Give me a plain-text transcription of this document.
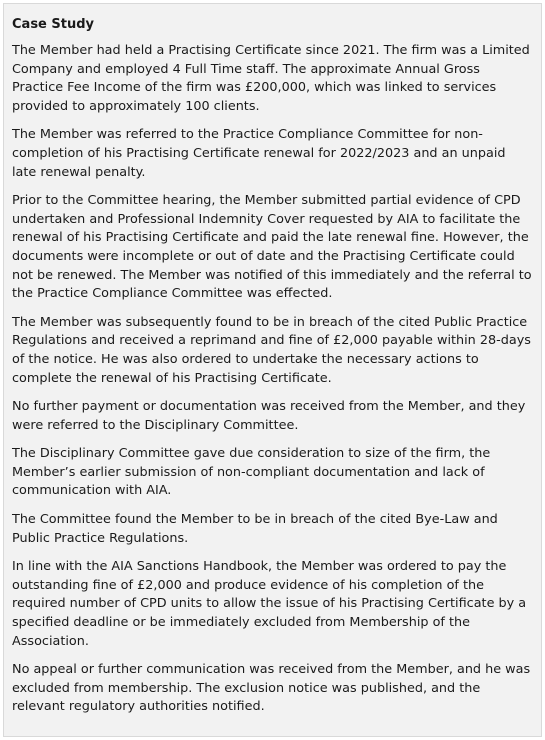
Case Study

The Member had held a Practising Certificate since 2021. The firm was a Limited Company and employed 4 Full Time staff. The approximate Annual Gross Practice Fee Income of the firm was £200,000, which was linked to services provided to approximately 100 clients.

The Member was referred to the Practice Compliance Committee for non-completion of his Practising Certificate renewal for 2022/2023 and an unpaid late renewal penalty.

Prior to the Committee hearing, the Member submitted partial evidence of CPD undertaken and Professional Indemnity Cover requested by AIA to facilitate the renewal of his Practising Certificate and paid the late renewal fine. However, the documents were incomplete or out of date and the Practising Certificate could not be renewed. The Member was notified of this immediately and the referral to the Practice Compliance Committee was effected.

The Member was subsequently found to be in breach of the cited Public Practice Regulations and received a reprimand and fine of £2,000 payable within 28-days of the notice. He was also ordered to undertake the necessary actions to complete the renewal of his Practising Certificate.

No further payment or documentation was received from the Member, and they were referred to the Disciplinary Committee.

The Disciplinary Committee gave due consideration to size of the firm, the Member’s earlier submission of non-compliant documentation and lack of communication with AIA.

The Committee found the Member to be in breach of the cited Bye-Law and Public Practice Regulations.

In line with the AIA Sanctions Handbook, the Member was ordered to pay the outstanding fine of £2,000 and produce evidence of his completion of the required number of CPD units to allow the issue of his Practising Certificate by a specified deadline or be immediately excluded from Membership of the Association.

No appeal or further communication was received from the Member, and he was excluded from membership. The exclusion notice was published, and the relevant regulatory authorities notified.
